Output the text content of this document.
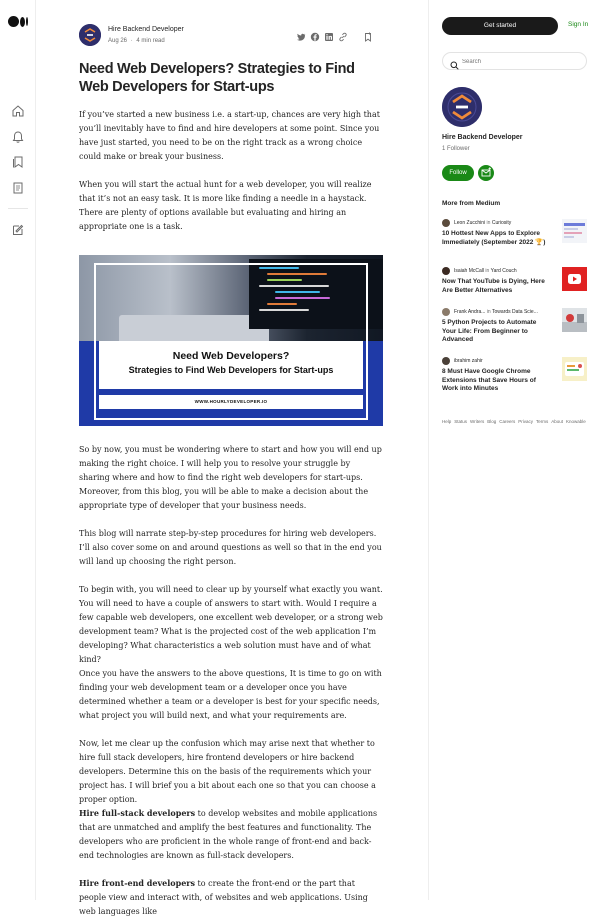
Hire Backend Developer
Aug 26 · 4 min read
Need Web Developers? Strategies to Find Web Developers for Start-ups

If you’ve started a new business i.e. a start-up, chances are very high that you’ll inevitably have to find and hire developers at some point. Since you have just started, you need to be on the right track as a wrong choice could make or break your business.

When you will start the actual hunt for a web developer, you will realize that it’s not an easy task. It is more like finding a needle in a haystack. There are plenty of options available but evaluating and hiring an appropriate one is a task.

Need Web Developers?
Strategies to Find Web Developers for Start-ups
WWW.HOURLYDEVELOPER.IO

So by now, you must be wondering where to start and how you will end up making the right choice. I will help you to resolve your struggle by sharing where and how to find the right web developers for start-ups. Moreover, from this blog, you will be able to make a decision about the appropriate type of developer that your business needs.

This blog will narrate step-by-step procedures for hiring web developers. I’ll also cover some on and around questions as well so that in the end you will land up choosing the right person.

To begin with, you will need to clear up by yourself what exactly you want. You will need to have a couple of answers to start with. Would I require a few capable web developers, one excellent web developer, or a strong web development team? What is the projected cost of the web application I’m developing? What characteristics a web solution must have and of what kind?

Once you have the answers to the above questions, It is time to go on with finding your web development team or a developer once you have determined whether a team or a developer is best for your specific needs, what project you will build next, and what your requirements are.

Now, let me clear up the confusion which may arise next that whether to hire full stack developers, hire frontend developers or hire backend developers. Determine this on the basis of the requirements which your project has. I will brief you a bit about each one so that you can choose a proper option.

Hire full-stack developers to develop websites and mobile applications that are unmatched and amplify the best features and functionality. The developers who are proficient in the whole range of front-end and back-end technologies are known as full-stack developers.

Hire front-end developers to create the front-end or the part that people view and interact with, of websites and web applications. Using web languages like

Get started	Sign In
Search
Hire Backend Developer
1 Follower
Follow
More from Medium
Leon Zucchini in Curiosity
10 Hottest New Apps to Explore Immediately (September 2022 🏆)
Isaiah McCall in Yard Couch
Now That YouTube is Dying, Here Are Better Alternatives
Frank Andra... in Towards Data Scie...
5 Python Projects to Automate Your Life: From Beginner to Advanced
ibrahim zahir
8 Must Have Google Chrome Extensions that Save Hours of Work into Minutes
Help Status Writers Blog Careers Privacy Terms About Knowable
